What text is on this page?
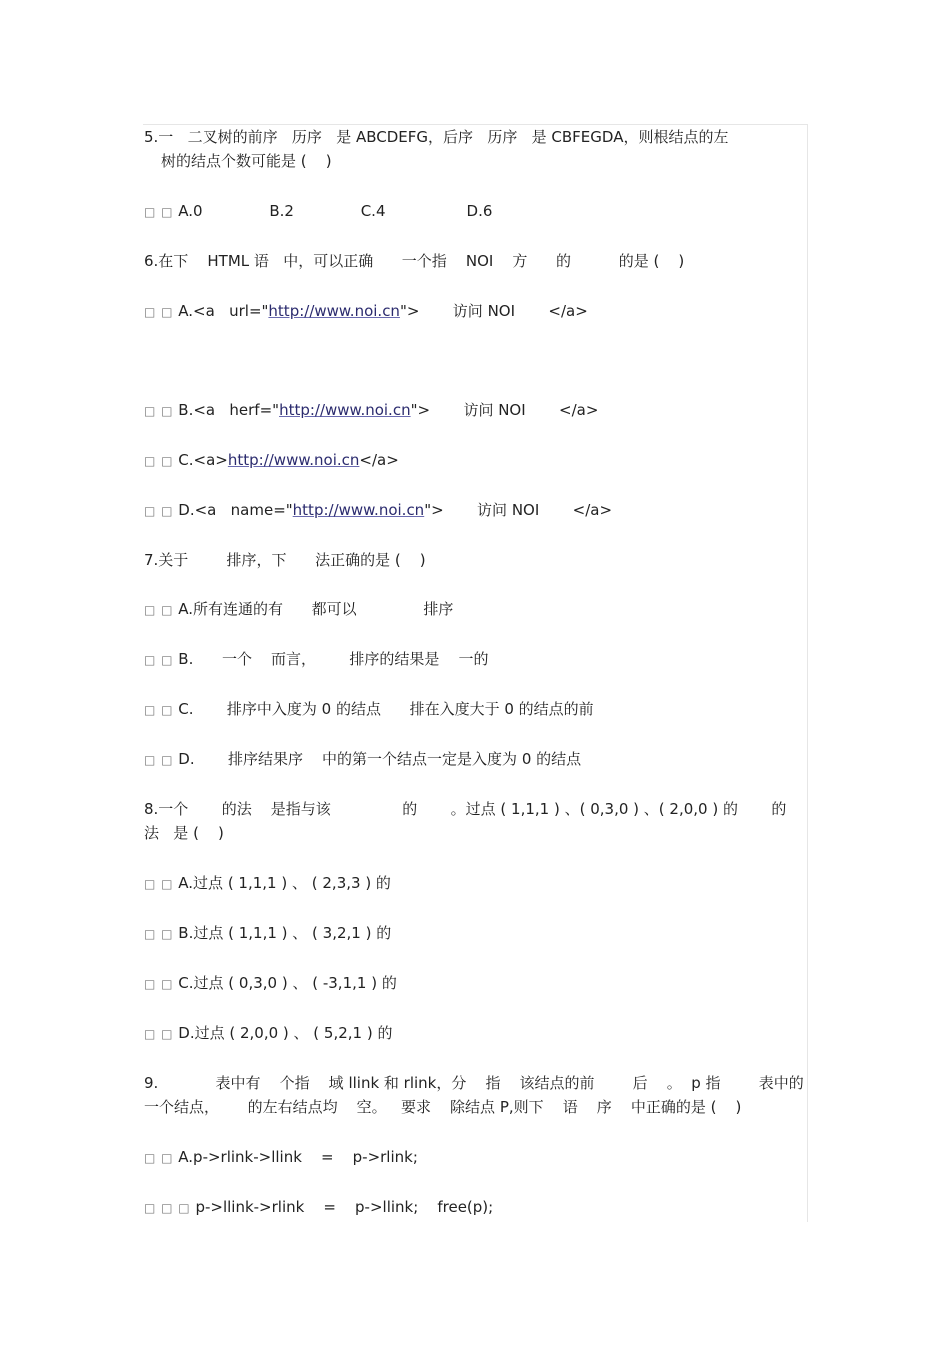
5.一   二叉树的前序   历序   是 ABCDEFG，后序   历序   是 CBFEGDA，则根结点的左
树的结点个数可能是 (    )
□ □ A.0              B.2              C.4                 D.6
6.在下    HTML 语   中，可以正确      一个指    NOI    方      的          的是 (    )
□ □ A.<a   url="http://www.noi.cn">       访问 NOI       </a>
□ □ B.<a   herf="http://www.noi.cn">       访问 NOI       </a>
□ □ C.<a>http://www.noi.cn</a>
□ □ D.<a   name="http://www.noi.cn">       访问 NOI       </a>
7.关于        排序，下      法正确的是 (    )
□ □ A.所有连通的有      都可以              排序
□ □ B.      一个    而言，       排序的结果是    一的
□ □ C.       排序中入度为 0 的结点      排在入度大于 0 的结点的前
□ □ D.       排序结果序    中的第一个结点一定是入度为 0 的结点
8.一个       的法    是指与该               的       。过点 ( 1,1,1 ) 、( 0,3,0 ) 、( 2,0,0 ) 的       的
法   是 (    )
□ □ A.过点 ( 1,1,1 ) 、 ( 2,3,3 ) 的
□ □ B.过点 ( 1,1,1 ) 、 ( 3,2,1 ) 的
□ □ C.过点 ( 0,3,0 ) 、 ( -3,1,1 ) 的
□ □ D.过点 ( 2,0,0 ) 、 ( 5,2,1 ) 的
9.            表中有    个指    域 llink 和 rlink，分    指    该结点的前        后    。  p 指        表中的
一个结点，      的左右结点均    空。   要求    除结点 P,则下    语    序    中正确的是 (    )
□ □ A.p->rlink->llink    =    p->rlink;
□ □ □ p->llink->rlink    =    p->llink;    free(p);
